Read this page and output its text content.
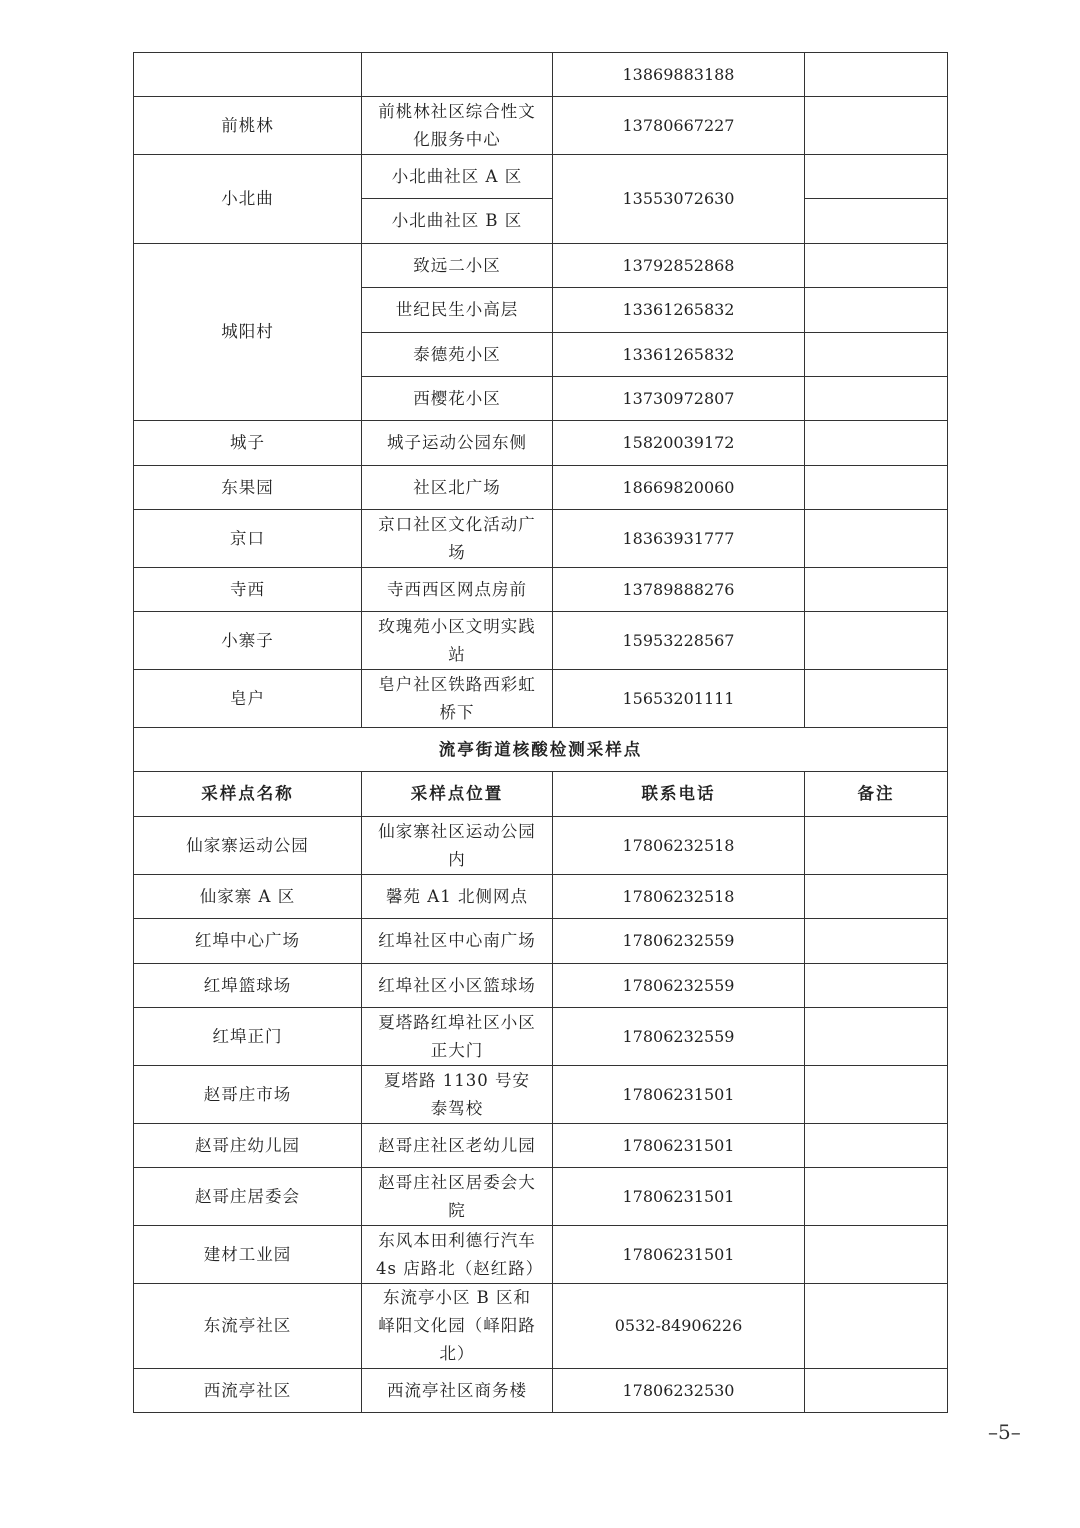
		13869883188	
前桃林	前桃林社区综合性文化服务中心	13780667227	
小北曲	小北曲社区 A 区	13553072630	
	小北曲社区 B 区		
城阳村	致远二小区	13792852868	
	世纪民生小高层	13361265832	
	泰德苑小区	13361265832	
	西樱花小区	13730972807	
城子	城子运动公园东侧	15820039172	
东果园	社区北广场	18669820060	
京口	京口社区文化活动广场	18363931777	
寺西	寺西西区网点房前	13789888276	
小寨子	玫瑰苑小区文明实践站	15953228567	
皂户	皂户社区铁路西彩虹桥下	15653201111	
流亭街道核酸检测采样点			
采样点名称	采样点位置	联系电话	备注
仙家寨运动公园	仙家寨社区运动公园内	17806232518	
仙家寨 A 区	馨苑 A1 北侧网点	17806232518	
红埠中心广场	红埠社区中心南广场	17806232559	
红埠篮球场	红埠社区小区篮球场	17806232559	
红埠正门	夏塔路红埠社区小区正大门	17806232559	
赵哥庄市场	夏塔路 1130 号安泰驾校	17806231501	
赵哥庄幼儿园	赵哥庄社区老幼儿园	17806231501	
赵哥庄居委会	赵哥庄社区居委会大院	17806231501	
建材工业园	东风本田利德行汽车4s 店路北（赵红路）	17806231501	
东流亭社区	东流亭小区 B 区和峄阳文化园（峄阳路北）	0532-84906226	
西流亭社区	西流亭社区商务楼	17806232530	
–5–
